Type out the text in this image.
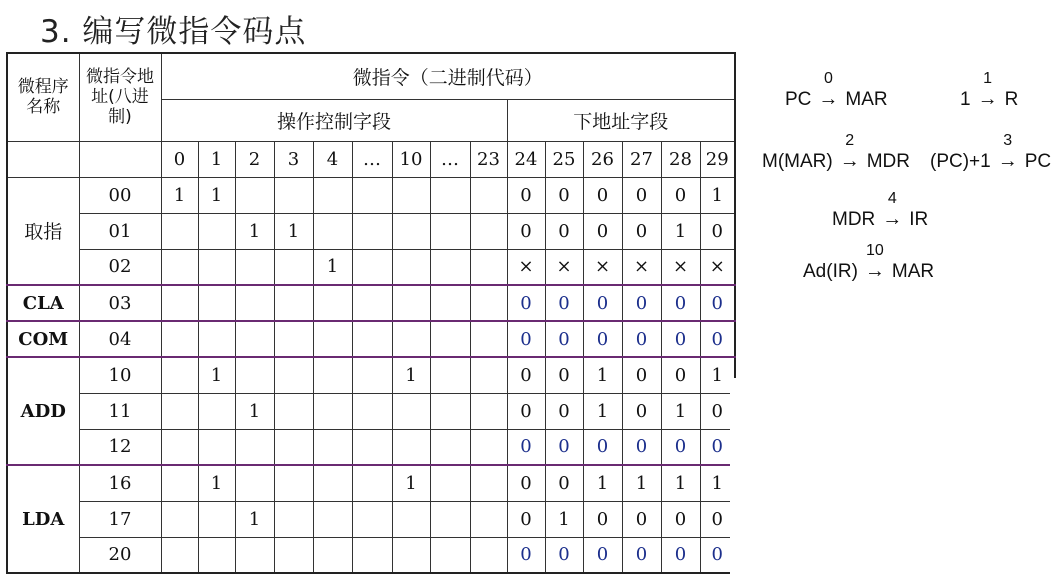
3. 编写微指令码点
微程序名称	微指令地址(八进制)	微指令（二进制代码）														
		操作控制字段									下地址字段					
		0	1	2	3	4	…	10	…	23	24	25	26	27	28	29
取指	00	1	1								0	0	0	0	0	1
	01			1	1						0	0	0	0	1	0
	02					1					×	×	×	×	×	×
CLA	03										0	0	0	0	0	0
COM	04										0	0	0	0	0	0
ADD	10		1					1			0	0	1	0	0	1
	11			1							0	0	1	0	1	0
	12										0	0	0	0	0	0
LDA	16		1					1			0	0	1	1	1	1
	17			1							0	1	0	0	0	0
	20										0	0	0	0	0	0
PC
0
→ MAR	1
1
→ R
M(MAR)
2
→ MDR (PC)+1
3
→ PC
MDR
4
→ IR
Ad(IR)
10
→ MAR
